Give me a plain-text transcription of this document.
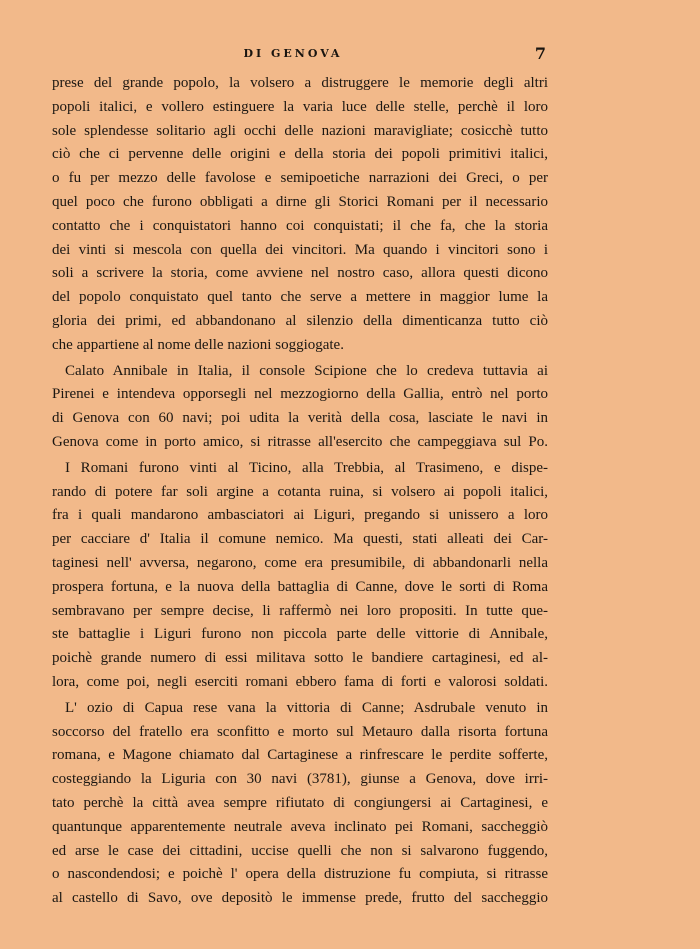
DI GENOVA	7
prese del grande popolo, la volsero a distruggere le memorie degli altri
popoli italici, e vollero estinguere la varia luce delle stelle, perchè il loro
sole splendesse solitario agli occhi delle nazioni maravigliate; cosicchè tutto
ciò che ci pervenne delle origini e della storia dei popoli primitivi italici,
o fu per mezzo delle favolose e semipoetiche narrazioni dei Greci, o per
quel poco che furono obbligati a dirne gli Storici Romani per il necessario
contatto che i conquistatori hanno coi conquistati; il che fa, che la storia
dei vinti si mescola con quella dei vincitori. Ma quando i vincitori sono i
soli a scrivere la storia, come avviene nel nostro caso, allora questi dicono
del popolo conquistato quel tanto che serve a mettere in maggior lume la
gloria dei primi, ed abbandonano al silenzio della dimenticanza tutto ciò
che appartiene al nome delle nazioni soggiogate.
Calato Annibale in Italia, il console Scipione che lo credeva tuttavia ai
Pirenei e intendeva opporsegli nel mezzogiorno della Gallia, entrò nel porto
di Genova con 60 navi; poi udita la verità della cosa, lasciate le navi in
Genova come in porto amico, si ritrasse all'esercito che campeggiava sul Po.
I Romani furono vinti al Ticino, alla Trebbia, al Trasimeno, e dispe-
rando di potere far soli argine a cotanta ruina, si volsero ai popoli italici,
fra i quali mandarono ambasciatori ai Liguri, pregando si unissero a loro
per cacciare d' Italia il comune nemico. Ma questi, stati alleati dei Car-
taginesi nell' avversa, negarono, come era presumibile, di abbandonarli nella
prospera fortuna, e la nuova della battaglia di Canne, dove le sorti di Roma
sembravano per sempre decise, li raffermò nei loro propositi. In tutte que-
ste battaglie i Liguri furono non piccola parte delle vittorie di Annibale,
poichè grande numero di essi militava sotto le bandiere cartaginesi, ed al-
lora, come poi, negli eserciti romani ebbero fama di forti e valorosi soldati.
L' ozio di Capua rese vana la vittoria di Canne; Asdrubale venuto in
soccorso del fratello era sconfitto e morto sul Metauro dalla risorta fortuna
romana, e Magone chiamato dal Cartaginese a rinfrescare le perdite sofferte,
costeggiando la Liguria con 30 navi (3781), giunse a Genova, dove irri-
tato perchè la città avea sempre rifiutato di congiungersi ai Cartaginesi, e
quantunque apparentemente neutrale aveva inclinato pei Romani, saccheggiò
ed arse le case dei cittadini, uccise quelli che non si salvarono fuggendo,
o nascondendosi; e poichè l' opera della distruzione fu compiuta, si ritrasse
al castello di Savo, ove depositò le immense prede, frutto del saccheggio
